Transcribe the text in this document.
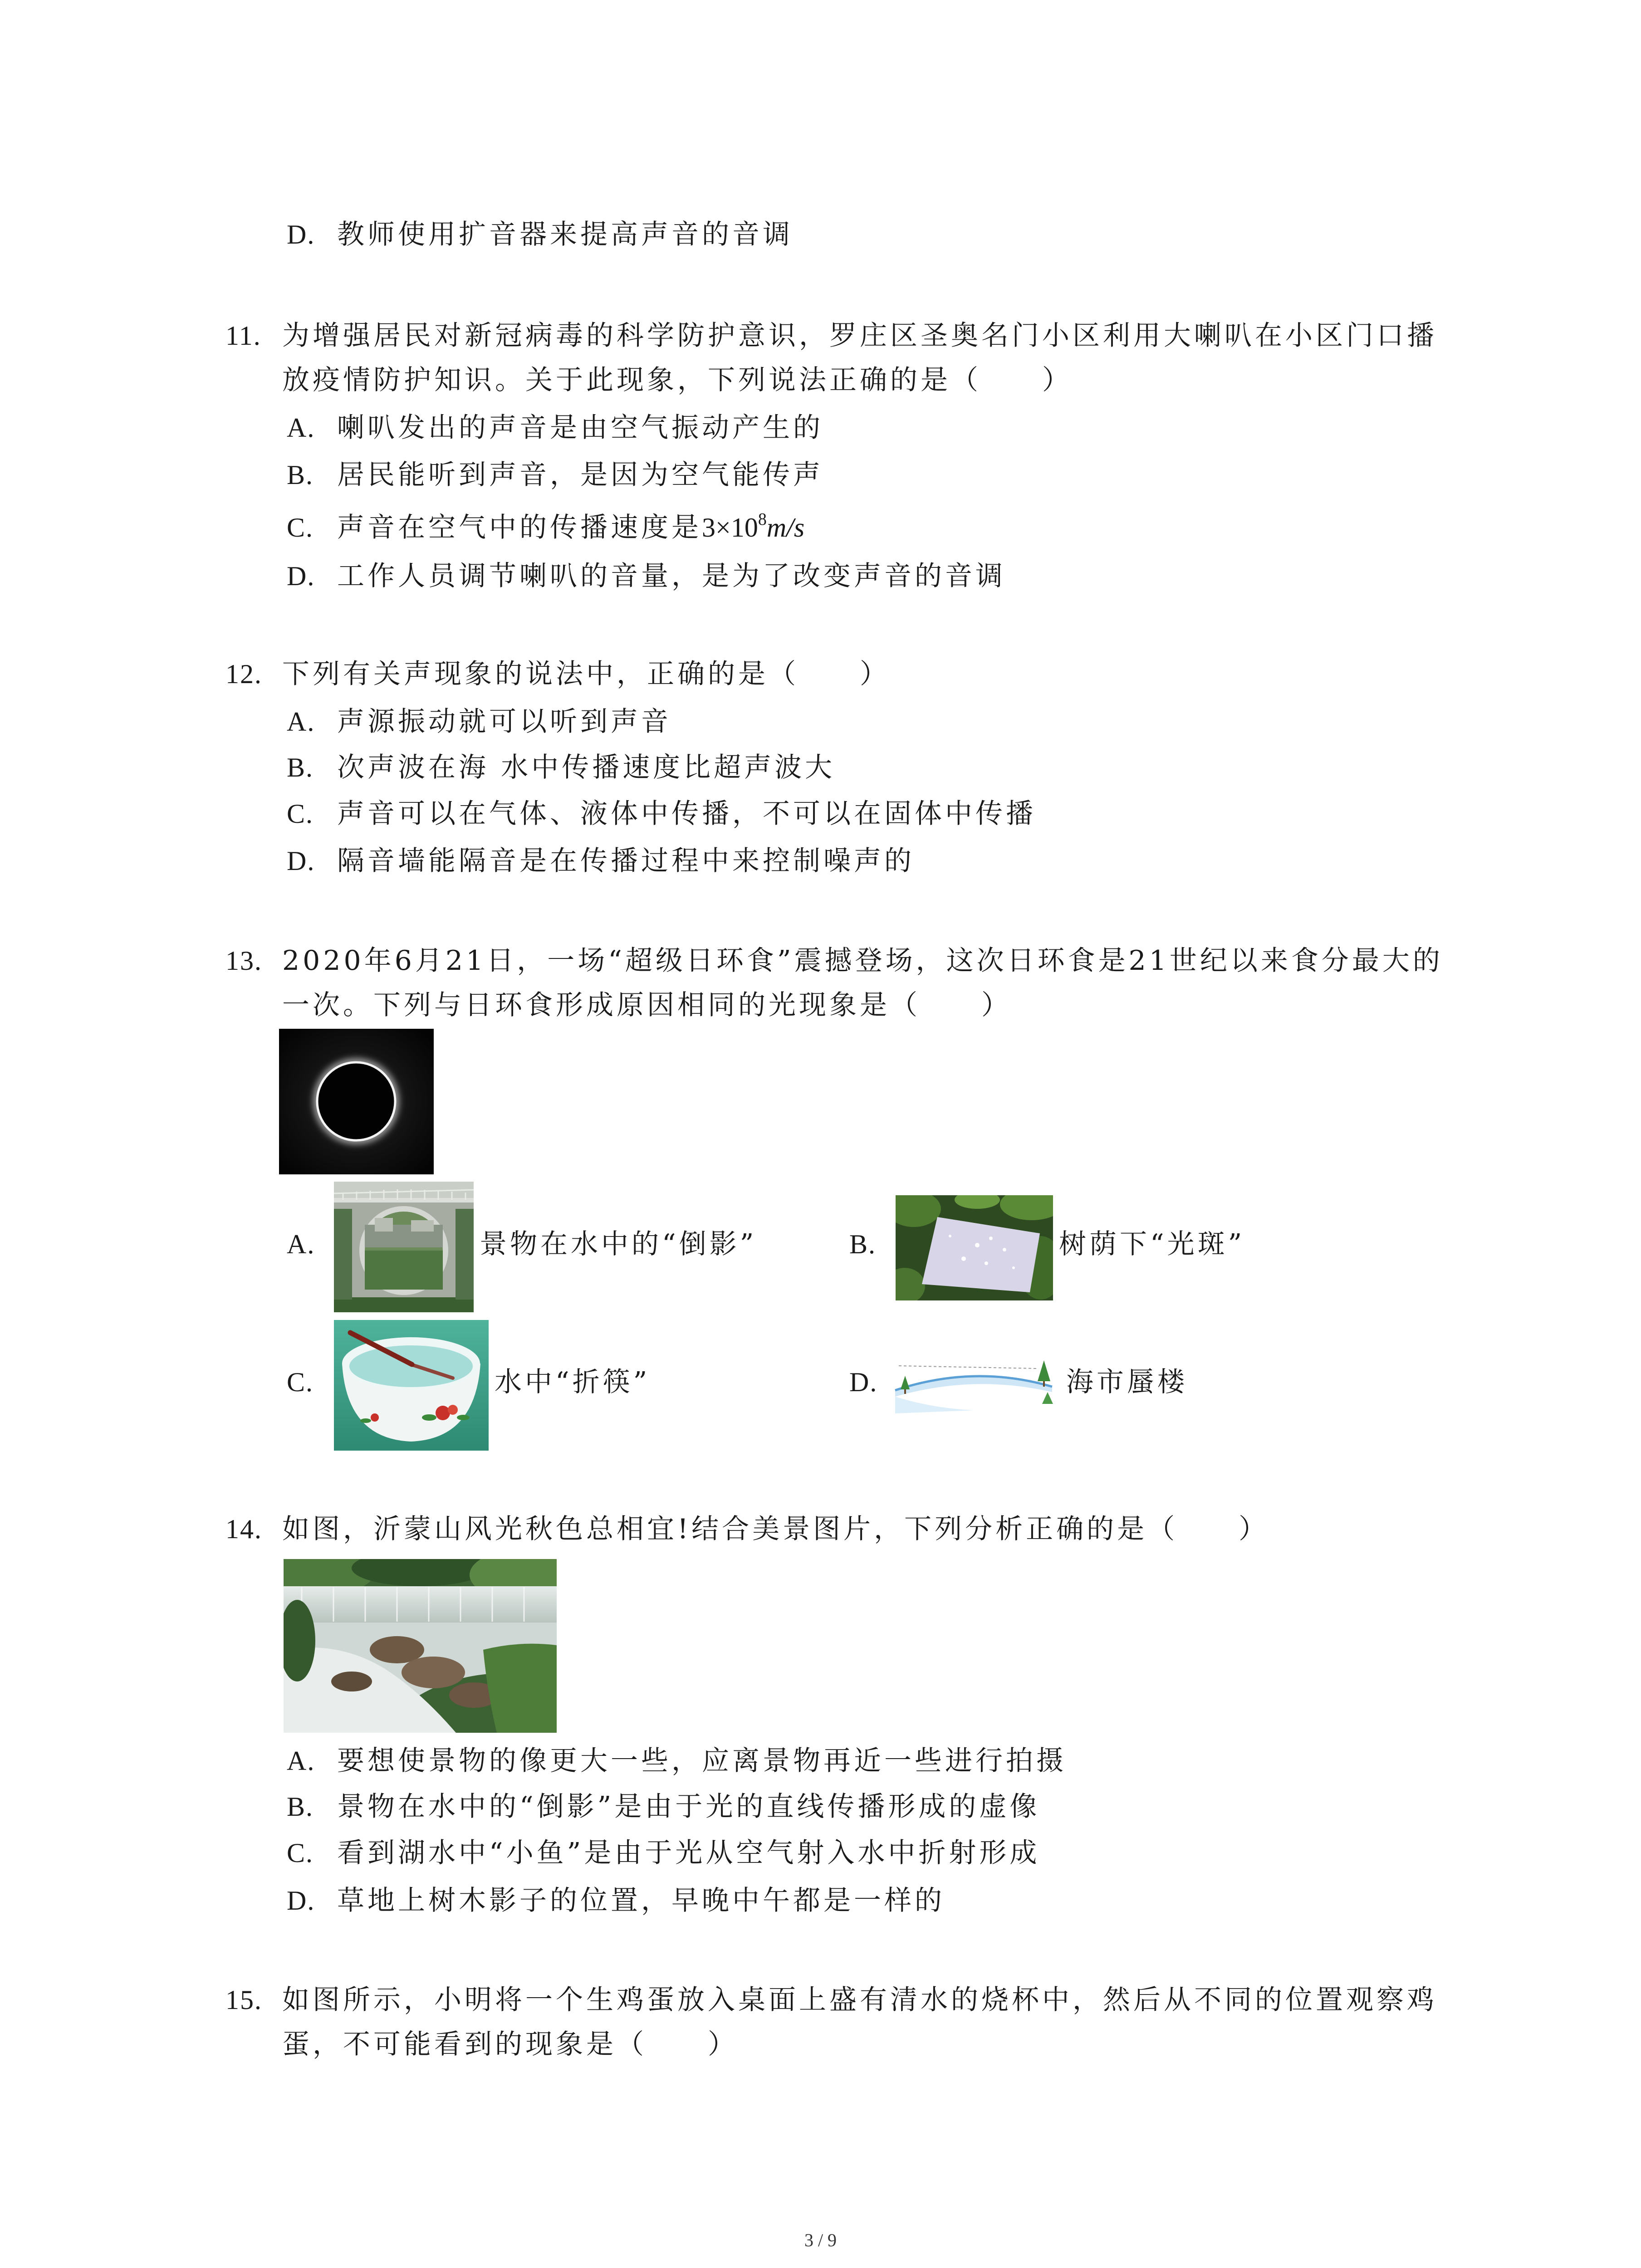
D. 教师使用扩音器来提高声音的音调
11. 为增强居民对新冠病毒的科学防护意识，罗庄区圣奥名门小区利用大喇叭在小区门口播
放疫情防护知识。关于此现象，下列说法正确的是（　　）
A. 喇叭发出的声音是由空气振动产生的
B. 居民能听到声音，是因为空气能传声
C. 声音在空气中的传播速度是$3\times 10^8m/s$
D. 工作人员调节喇叭的音量，是为了改变声音的音调
12. 下列有关声现象的说法中，正确的是（　　）
A. 声源振动就可以听到声音
B. 次声波在海 水中传播速度比超声波大
C. 声音可以在气体、液体中传播，不可以在固体中传播
D. 隔音墙能隔音是在传播过程中来控制噪声的
13. 2020年6月21日，一场“超级日环食”震撼登场，这次日环食是21世纪以来食分最大的
一次。下列与日环食形成原因相同的光现象是（　　）
A.	景物在水中的“倒影”	B.	树荫下“光斑”
C.	水中“折筷”	D.	海市蜃楼
14. 如图，沂蒙山风光秋色总相宜!结合美景图片，下列分析正确的是（　　）
A. 要想使景物的像更大一些，应离景物再近一些进行拍摄
B. 景物在水中的“倒影”是由于光的直线传播形成的虚像
C. 看到湖水中“小鱼”是由于光从空气射入水中折射形成
D. 草地上树木影子的位置，早晚中午都是一样的
15. 如图所示，小明将一个生鸡蛋放入桌面上盛有清水的烧杯中，然后从不同的位置观察鸡
蛋，不可能看到的现象是（　　）
3 / 9
